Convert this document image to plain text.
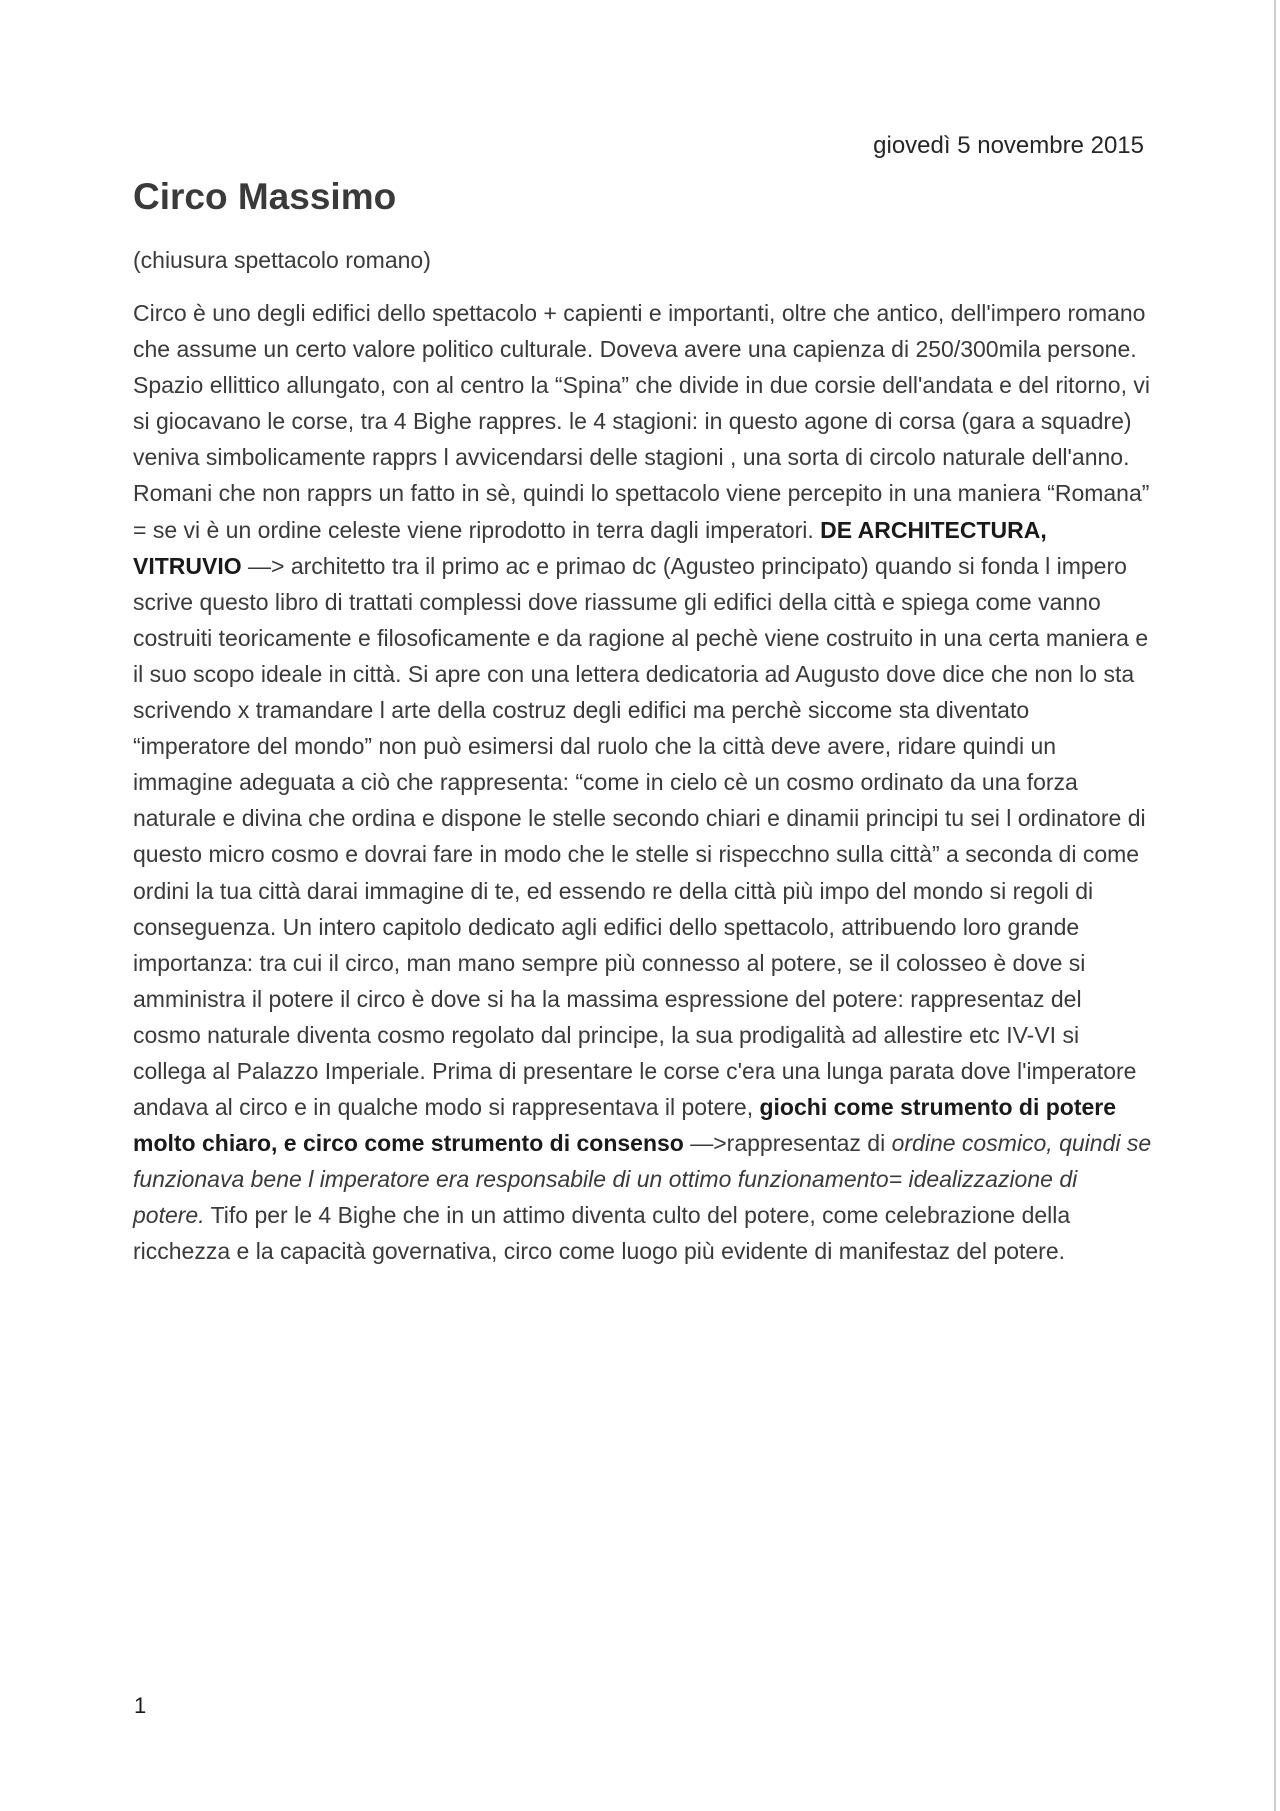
giovedì 5 novembre 2015
Circo Massimo

(chiusura spettacolo romano)

Circo è uno degli edifici dello spettacolo + capienti e importanti, oltre che antico, dell'impero romano che assume un certo valore politico culturale. Doveva avere una capienza di 250/300mila persone. Spazio ellittico allungato, con al centro la “Spina” che divide in due corsie dell'andata e del ritorno, vi si giocavano le corse, tra 4 Bighe rappres. le 4 stagioni: in questo agone di corsa (gara a squadre) veniva simbolicamente rapprs l avvicendarsi delle stagioni , una sorta di circolo naturale dell'anno. Romani che non rapprs un fatto in sè, quindi lo spettacolo viene percepito in una maniera “Romana” = se vi è un ordine celeste viene riprodotto in terra dagli imperatori. DE ARCHITECTURA, VITRUVIO —> architetto tra il primo ac e primao dc (Agusteo principato) quando si fonda l impero scrive questo libro di trattati complessi dove riassume gli edifici della città e spiega come vanno costruiti teoricamente e filosoficamente e da ragione al pechè viene costruito in una certa maniera e il suo scopo ideale in città. Si apre con una lettera dedicatoria ad Augusto dove dice che non lo sta scrivendo x tramandare l arte della costruz degli edifici ma perchè siccome sta diventato “imperatore del mondo” non può esimersi dal ruolo che la città deve avere, ridare quindi un immagine adeguata a ciò che rappresenta: “come in cielo cè un cosmo ordinato da una forza naturale e divina che ordina e dispone le stelle secondo chiari e dinamii principi tu sei l ordinatore di questo micro cosmo e dovrai fare in modo che le stelle si rispecchno sulla città” a seconda di come ordini la tua città darai immagine di te, ed essendo re della città più impo del mondo si regoli di conseguenza. Un intero capitolo dedicato agli edifici dello spettacolo, attribuendo loro grande importanza: tra cui il circo, man mano sempre più connesso al potere, se il colosseo è dove si amministra il potere il circo è dove si ha la massima espressione del potere: rappresentaz del cosmo naturale diventa cosmo regolato dal principe, la sua prodigalità ad allestire etc IV-VI si collega al Palazzo Imperiale. Prima di presentare le corse c'era una lunga parata dove l'imperatore andava al circo e in qualche modo si rappresentava il potere, giochi come strumento di potere molto chiaro, e circo come strumento di consenso —>rappresentaz di ordine cosmico, quindi se funzionava bene l imperatore era responsabile di un ottimo funzionamento= idealizzazione di potere. Tifo per le 4 Bighe che in un attimo diventa culto del potere, come celebrazione della ricchezza e la capacità governativa, circo come luogo più evidente di manifestaz del potere.

1
